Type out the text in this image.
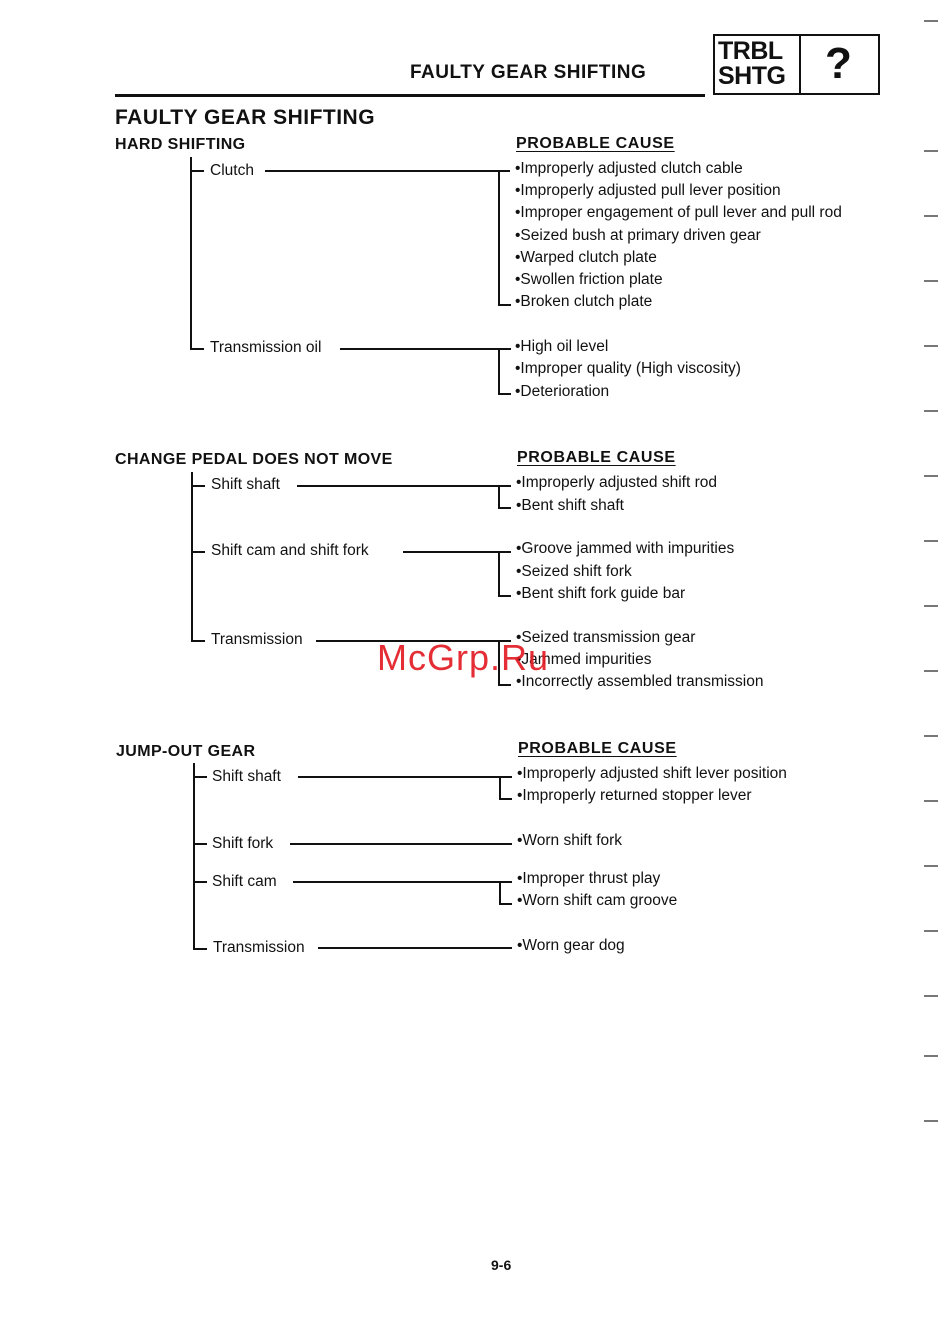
FAULTY GEAR SHIFTING
TRBL
SHTG ?
FAULTY GEAR SHIFTING
HARD SHIFTING	PROBABLE CAUSE
Clutch	•Improperly adjusted clutch cable
•Improperly adjusted pull lever position
•Improper engagement of pull lever and pull rod
•Seized bush at primary driven gear
•Warped clutch plate
•Swollen friction plate
•Broken clutch plate
Transmission oil	•High oil level
•Improper quality (High viscosity)
•Deterioration
CHANGE PEDAL DOES NOT MOVE	PROBABLE CAUSE
Shift shaft	•Improperly adjusted shift rod
•Bent shift shaft
Shift cam and shift fork	•Groove jammed with impurities
•Seized shift fork
•Bent shift fork guide bar
Transmission	•Seized transmission gear
•Jammed impurities
•Incorrectly assembled transmission
JUMP-OUT GEAR	PROBABLE CAUSE
Shift shaft	•Improperly adjusted shift lever position
•Improperly returned stopper lever
Shift fork	•Worn shift fork
Shift cam	•Improper thrust play
•Worn shift cam groove
Transmission	•Worn gear dog
McGrp.Ru
9-6
